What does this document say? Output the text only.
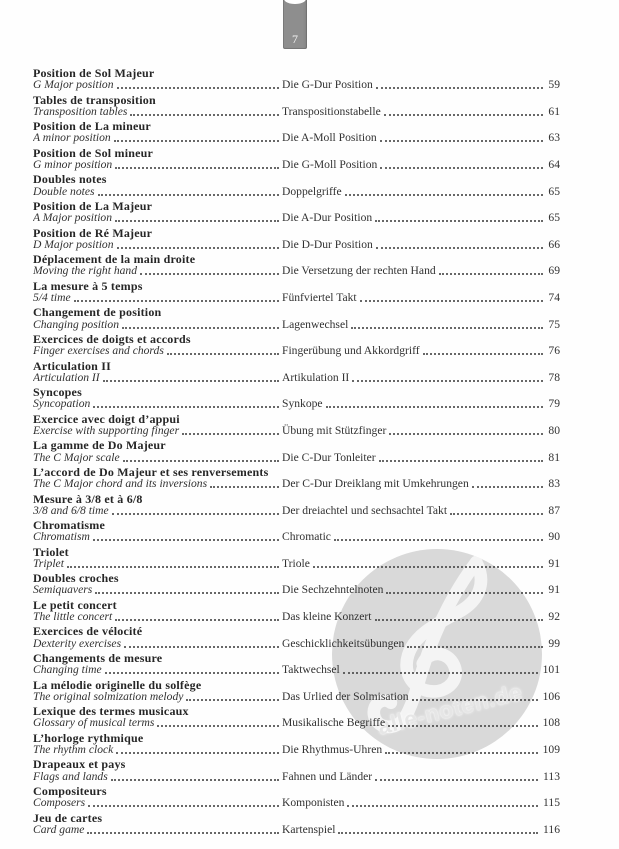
7
alle-noten.de
Position de Sol Majeur
G Major position	Die G-Dur Position	59
Tables de transposition
Transposition tables	Transpositionstabelle	61
Position de La mineur
A minor position	Die A-Moll Position	63
Position de Sol mineur
G minor position	Die G-Moll Position	64
Doubles notes
Double notes	Doppelgriffe	65
Position de La Majeur
A Major position	Die A-Dur Position	65
Position de Ré Majeur
D Major position	Die D-Dur Position	66
Déplacement de la main droite
Moving the right hand	Die Versetzung der rechten Hand	69
La mesure à 5 temps
5/4 time	Fünfviertel Takt	74
Changement de position
Changing position	Lagenwechsel	75
Exercices de doigts et accords
Finger exercises and chords	Fingerübung und Akkordgriff	76
Articulation II
Articulation II	Artikulation II	78
Syncopes
Syncopation	Synkope	79
Exercice avec doigt d’appui
Exercise with supporting finger	Übung mit Stützfinger	80
La gamme de Do Majeur
The C Major scale	Die C-Dur Tonleiter	81
L’accord de Do Majeur et ses renversements
The C Major chord and its inversions	Der C-Dur Dreiklang mit Umkehrungen	83
Mesure à 3/8 et à 6/8
3/8 and 6/8 time	Der dreiachtel und sechsachtel Takt	87
Chromatisme
Chromatism	Chromatic	90
Triolet
Triplet	Triole	91
Doubles croches
Semiquavers	Die Sechzehntelnoten	91
Le petit concert
The little concert	Das kleine Konzert	92
Exercices de vélocité
Dexterity exercises	Geschicklichkeitsübungen	99
Changements de mesure
Changing time	Taktwechsel	101
La mélodie originelle du solfège
The original solmization melody	Das Urlied der Solmisation	106
Lexique des termes musicaux
Glossary of musical terms	Musikalische Begriffe	108
L’horloge rythmique
The rhythm clock	Die Rhythmus-Uhren	109
Drapeaux et pays
Flags and lands	Fahnen und Länder	113
Compositeurs
Composers	Komponisten	115
Jeu de cartes
Card game	Kartenspiel	116
